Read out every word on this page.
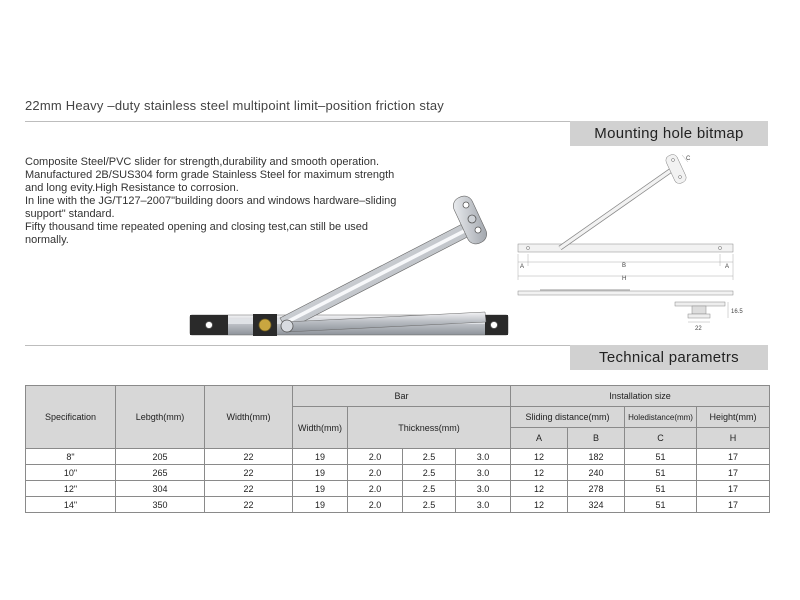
22mm Heavy –duty stainless steel multipoint limit–position friction stay
Mounting hole bitmap
Composite Steel/PVC slider for strength,durability and smooth operation.
Manufactured 2B/SUS304 form grade Stainless Steel for maximum strength
and long evity.High Resistance to corrosion.
In line with the JG/T127–2007"building doors and windows hardware–sliding
support" standard.
Fifty thousand time repeated opening and closing test,can still be used
normally.
C
A	B	A
H
16.5
22
Technical parametrs
Specification	Lebgth(mm)	Width(mm)	Bar				Installation size			
			Width(mm)	Thickness(mm)			Sliding distance(mm)		Holedistance(mm)	Height(mm)
							A	B	C	H
8"	205	22	19	2.0	2.5	3.0	12	182	51	17
10"	265	22	19	2.0	2.5	3.0	12	240	51	17
12"	304	22	19	2.0	2.5	3.0	12	278	51	17
14"	350	22	19	2.0	2.5	3.0	12	324	51	17
